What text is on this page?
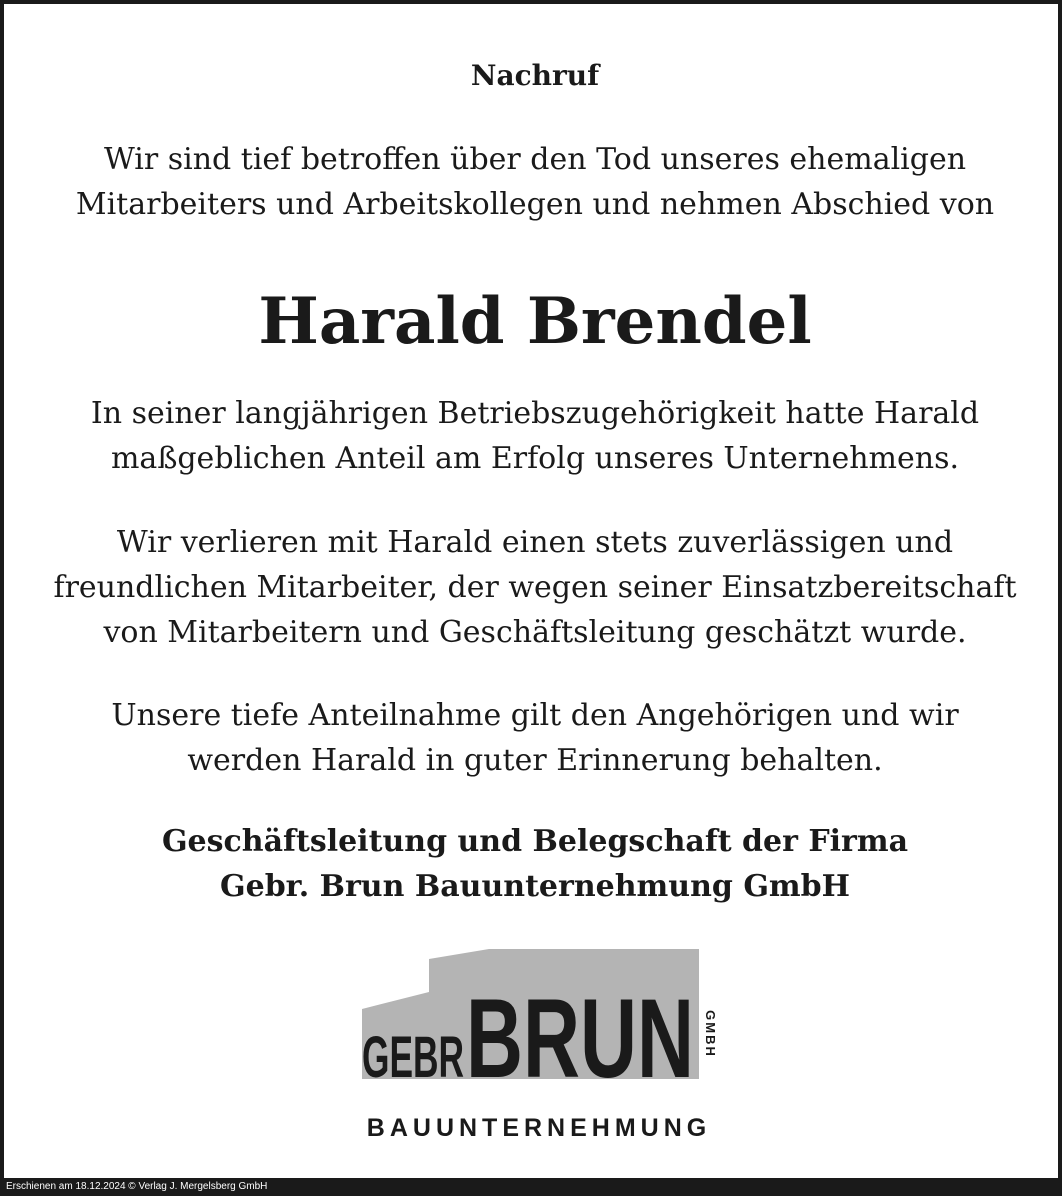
Nachruf
Wir sind tief betroffen über den Tod unseres ehemaligen
Mitarbeiters und Arbeitskollegen und nehmen Abschied von
Harald Brendel
In seiner langjährigen Betriebszugehörigkeit hatte Harald
maßgeblichen Anteil am Erfolg unseres Unternehmens.
Wir verlieren mit Harald einen stets zuverlässigen und
freundlichen Mitarbeiter, der wegen seiner Einsatzbereitschaft
von Mitarbeitern und Geschäftsleitung geschätzt wurde.
Unsere tiefe Anteilnahme gilt den Angehörigen und wir
werden Harald in guter Erinnerung behalten.
Geschäftsleitung und Belegschaft der Firma
Gebr. Brun Bauunternehmung GmbH
GEBR BRUN GMBH
BAUUNTERNEHMUNG
Erschienen am 18.12.2024 © Verlag J. Mergelsberg GmbH
